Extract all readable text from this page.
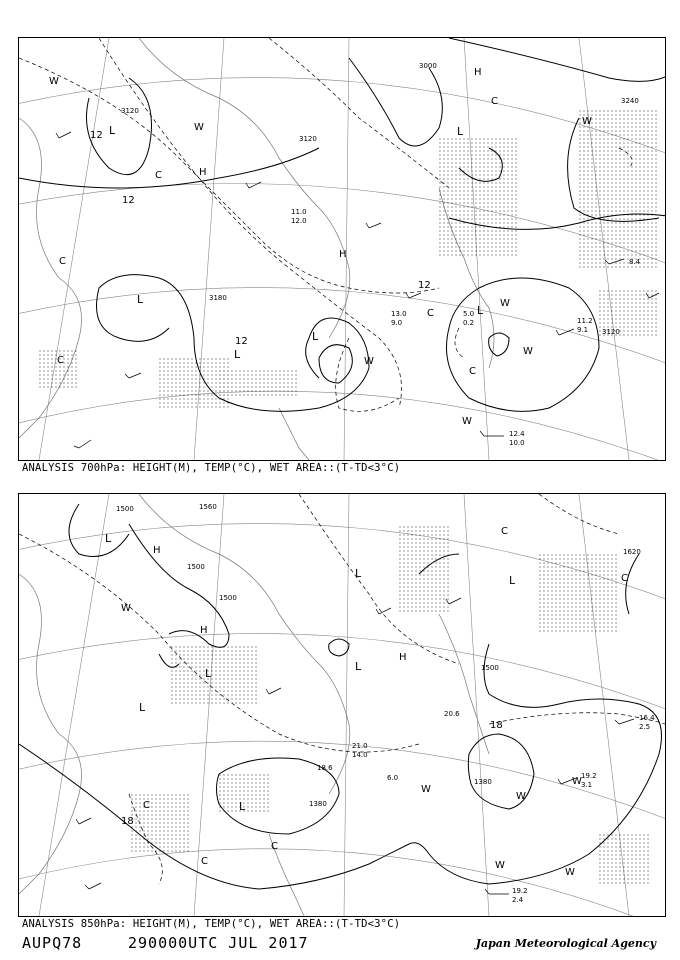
3120
3120
3000
3240
3120
3180
L
L
L
L
L
L
H
H
H
C
C
C
C
C
C
W
W
W
W
W
W
W
12
12
12
12
12.4
10.0
11.2
9.1
8.4
13.0
9.0
11.0
12.0
5.0
0.2
ANALYSIS 700hPa: HEIGHT(M), TEMP(°C), WET AREA::(T-TD<3°C)
1500
1500
1500
1500
1380
1380
1620
1560
L
L
L
L
L
L
L
H
H
H
C
C
C
C
C
W
W
W
W
W
W
18
18
19.2
2.4
19.2
3.1
16.4
2.5
18.6
6.0
21.0
14.0
20.6
ANALYSIS 850hPa: HEIGHT(M), TEMP(°C), WET AREA::(T-TD<3°C)
AUPQ78	290000UTC JUL 2017	Japan Meteorological Agency
